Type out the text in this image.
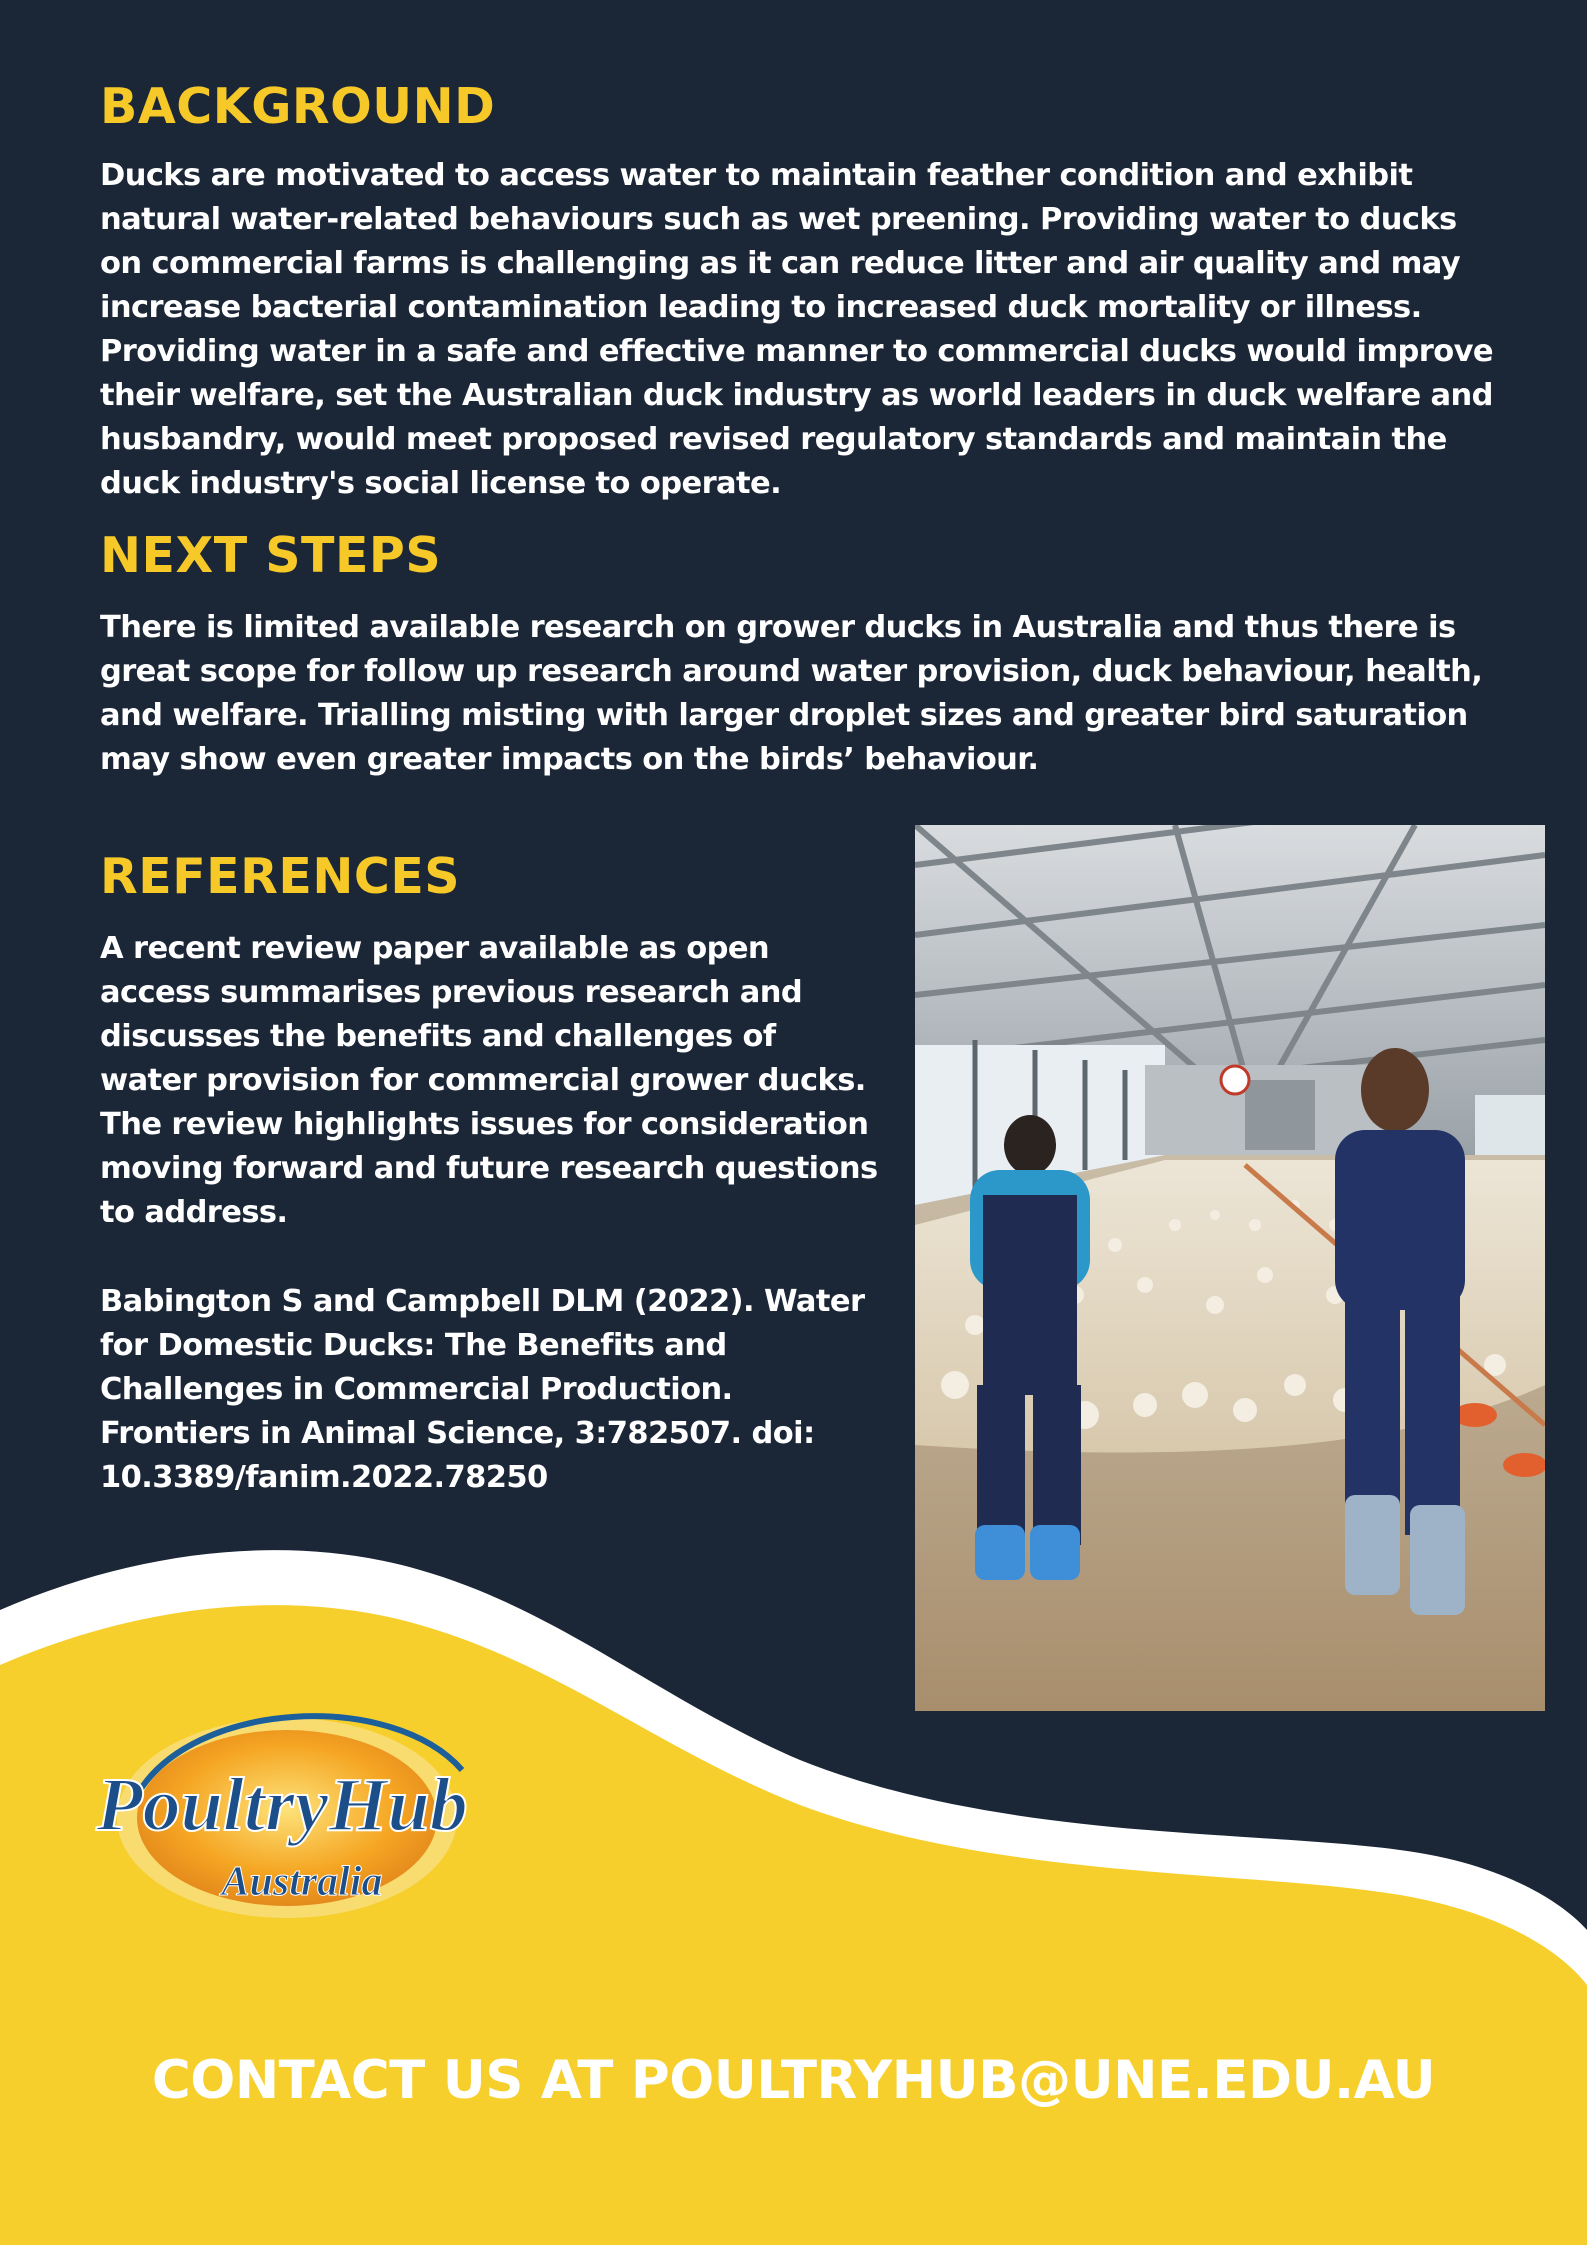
BACKGROUND

Ducks are motivated to access water to maintain feather condition and exhibit natural water-related behaviours such as wet preening. Providing water to ducks on commercial farms is challenging as it can reduce litter and air quality and may increase bacterial contamination leading to increased duck mortality or illness. Providing water in a safe and effective manner to commercial ducks would improve their welfare, set the Australian duck industry as world leaders in duck welfare and husbandry, would meet proposed revised regulatory standards and maintain the duck industry's social license to operate.

NEXT STEPS

There is limited available research on grower ducks in Australia and thus there is great scope for follow up research around water provision, duck behaviour, health, and welfare. Trialling misting with larger droplet sizes and greater bird saturation may show even greater impacts on the birds’ behaviour.

REFERENCES

A recent review paper available as open access summarises previous research and discusses the benefits and challenges of water provision for commercial grower ducks. The review highlights issues for consideration moving forward and future research questions to address.

Babington S and Campbell DLM (2022). Water for Domestic Ducks: The Benefits and Challenges in Commercial Production. Frontiers in Animal Science, 3:782507. doi: 10.3389/fanim.2022.78250

PoultryHub
Australia
CONTACT US AT POULTRYHUB@UNE.EDU.AU
